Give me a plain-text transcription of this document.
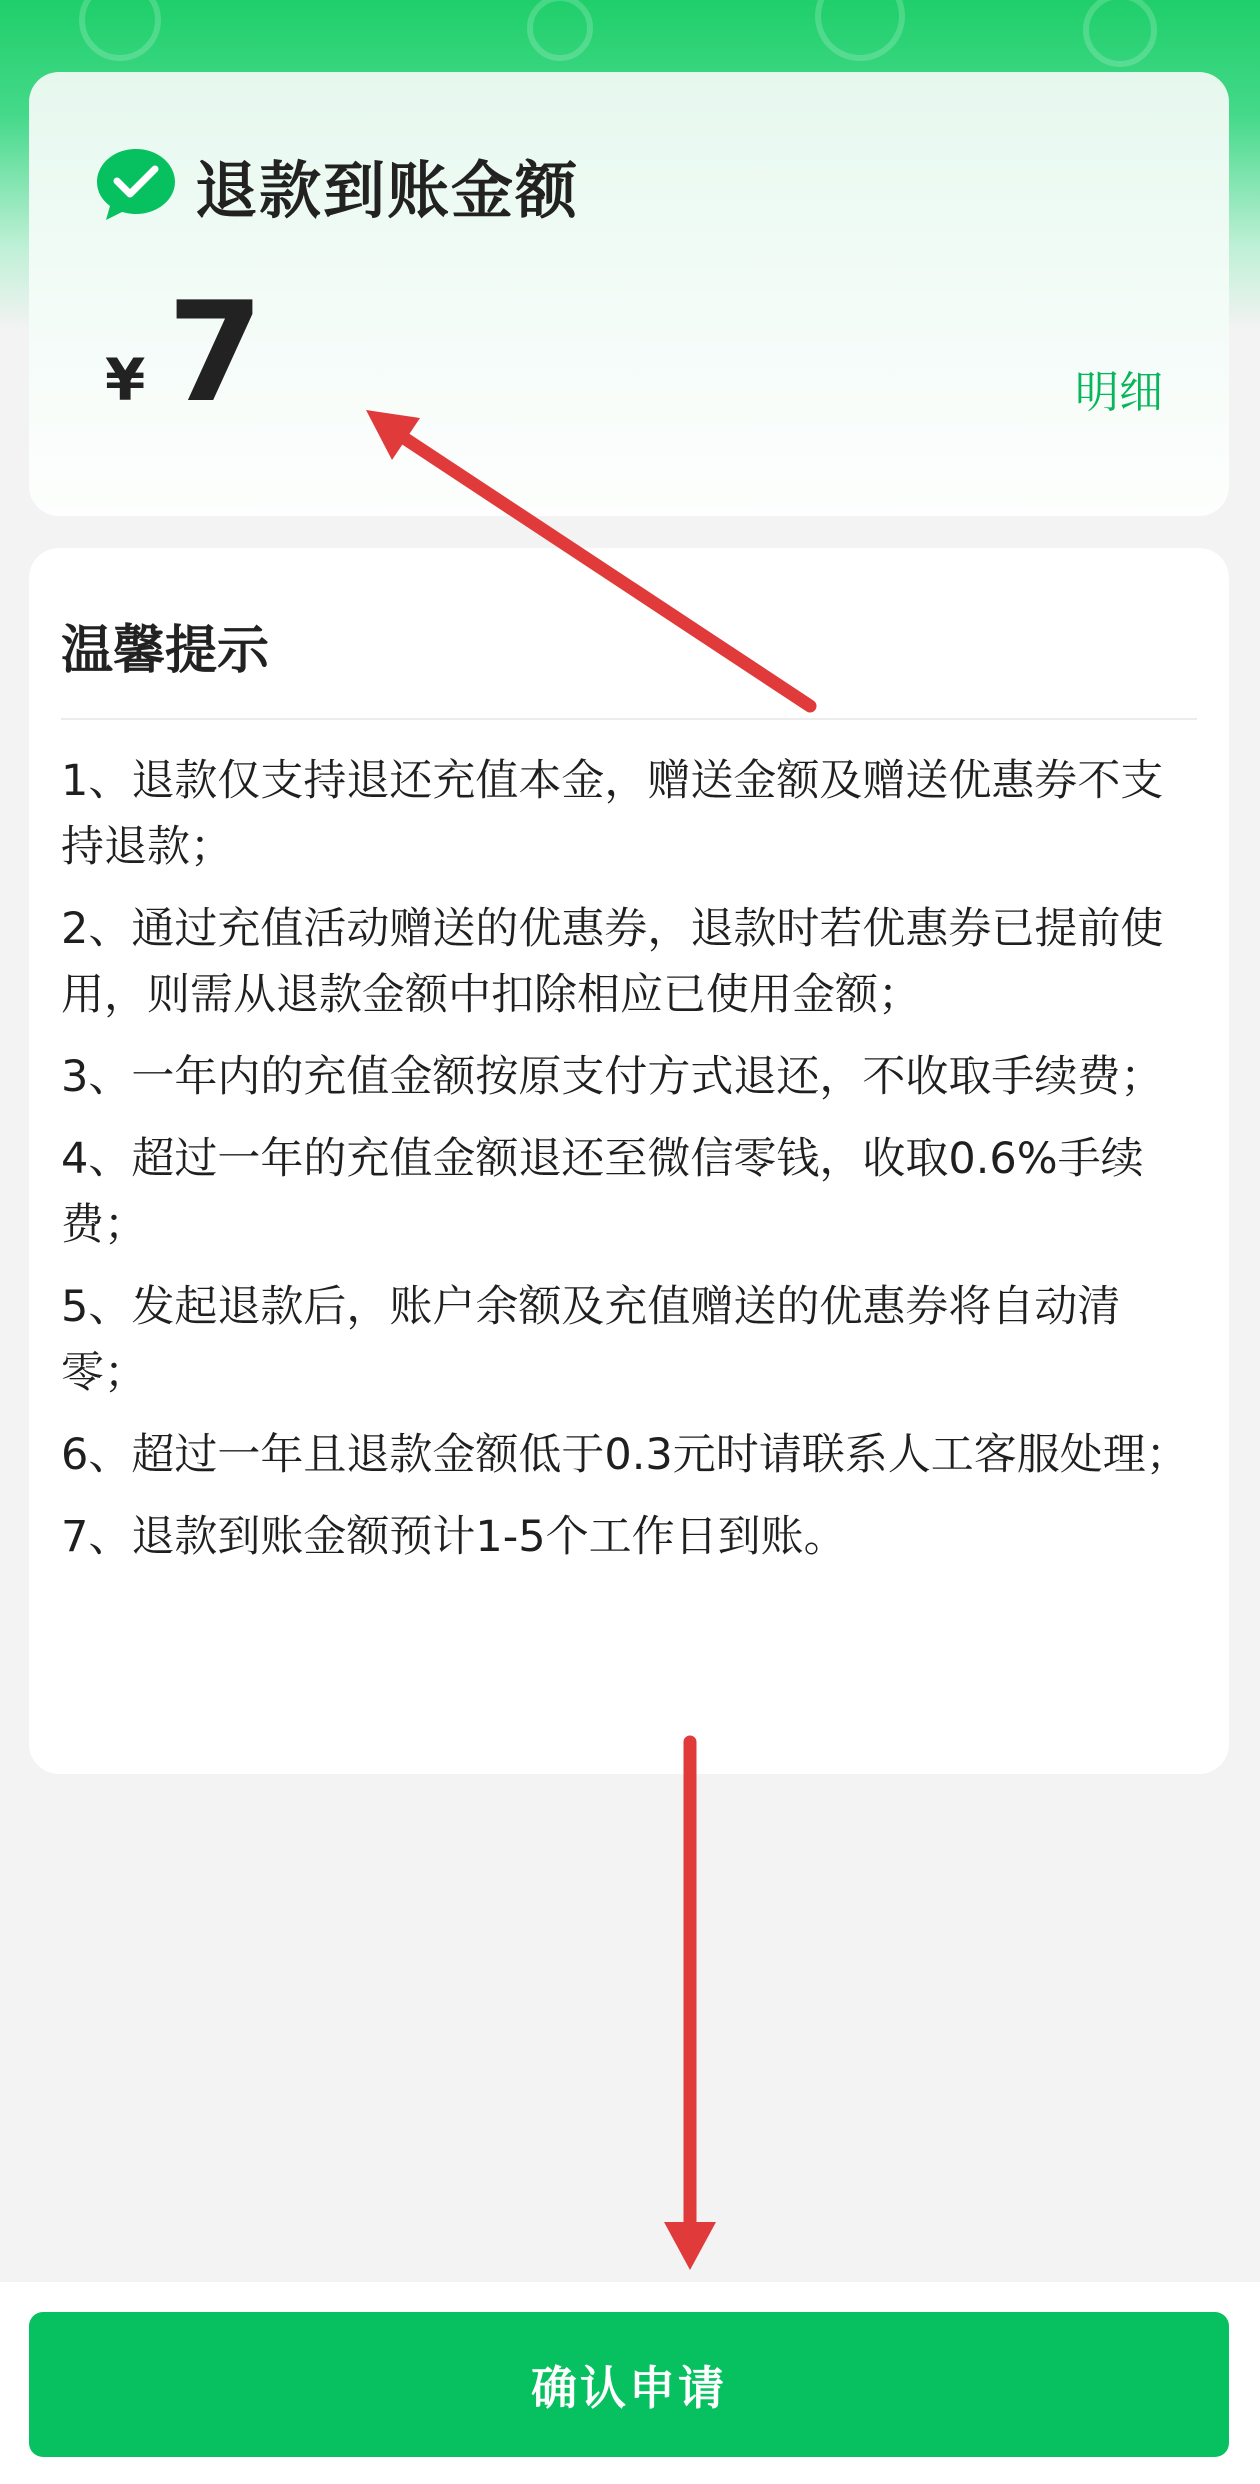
退款到账金额
¥ 7	明细
温馨提示
1、退款仅支持退还充值本金，赠送金额及赠送优惠券不支持退款；
2、通过充值活动赠送的优惠券，退款时若优惠券已提前使用，则需从退款金额中扣除相应已使用金额；
3、一年内的充值金额按原支付方式退还，不收取手续费；
4、超过一年的充值金额退还至微信零钱，收取0.6%手续费；
5、发起退款后，账户余额及充值赠送的优惠券将自动清零；
6、超过一年且退款金额低于0.3元时请联系人工客服处理；
7、退款到账金额预计1-5个工作日到账。
确认申请
